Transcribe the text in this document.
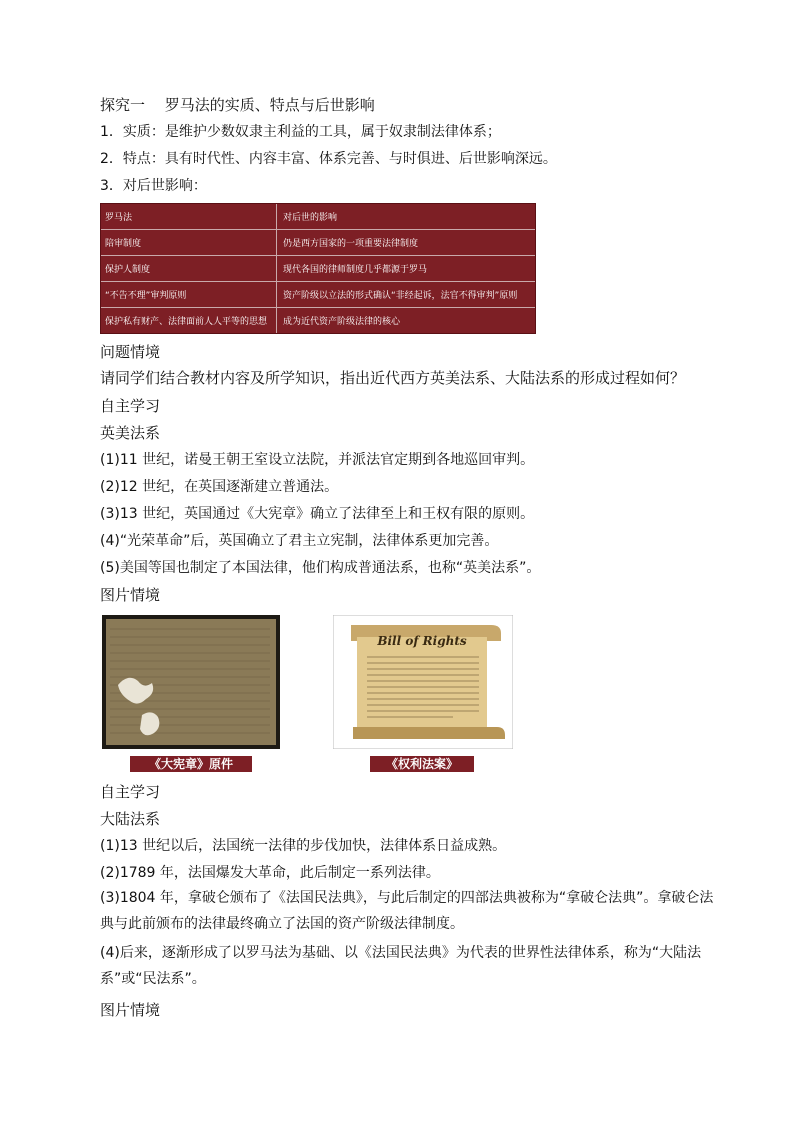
探究一　 罗马法的实质、特点与后世影响
1．实质：是维护少数奴隶主利益的工具，属于奴隶制法律体系；
2．特点：具有时代性、内容丰富、体系完善、与时俱进、后世影响深远。
3．对后世影响：
罗马法	对后世的影响
陪审制度	仍是西方国家的一项重要法律制度
保护人制度	现代各国的律师制度几乎都源于罗马
“不告不理”审判原则	资产阶级以立法的形式确认“非经起诉，法官不得审判”原则
保护私有财产、法律面前人人平等的思想	成为近代资产阶级法律的核心
问题情境
请同学们结合教材内容及所学知识，指出近代西方英美法系、大陆法系的形成过程如何？
自主学习
英美法系
(1)11 世纪，诺曼王朝王室设立法院，并派法官定期到各地巡回审判。
(2)12 世纪，在英国逐渐建立普通法。
(3)13 世纪，英国通过《大宪章》确立了法律至上和王权有限的原则。
(4)“光荣革命”后，英国确立了君主立宪制，法律体系更加完善。
(5)美国等国也制定了本国法律，他们构成普通法系，也称“英美法系”。
图片情境
《大宪章》原件
Bill of Rights
《权利法案》
自主学习
大陆法系
(1)13 世纪以后，法国统一法律的步伐加快，法律体系日益成熟。
(2)1789 年，法国爆发大革命，此后制定一系列法律。
(3)1804 年，拿破仑颁布了《法国民法典》，与此后制定的四部法典被称为“拿破仑法典”。拿破仑法典与此前颁布的法律最终确立了法国的资产阶级法律制度。
(4)后来，逐渐形成了以罗马法为基础、以《法国民法典》为代表的世界性法律体系，称为“大陆法系”或“民法系”。
图片情境
